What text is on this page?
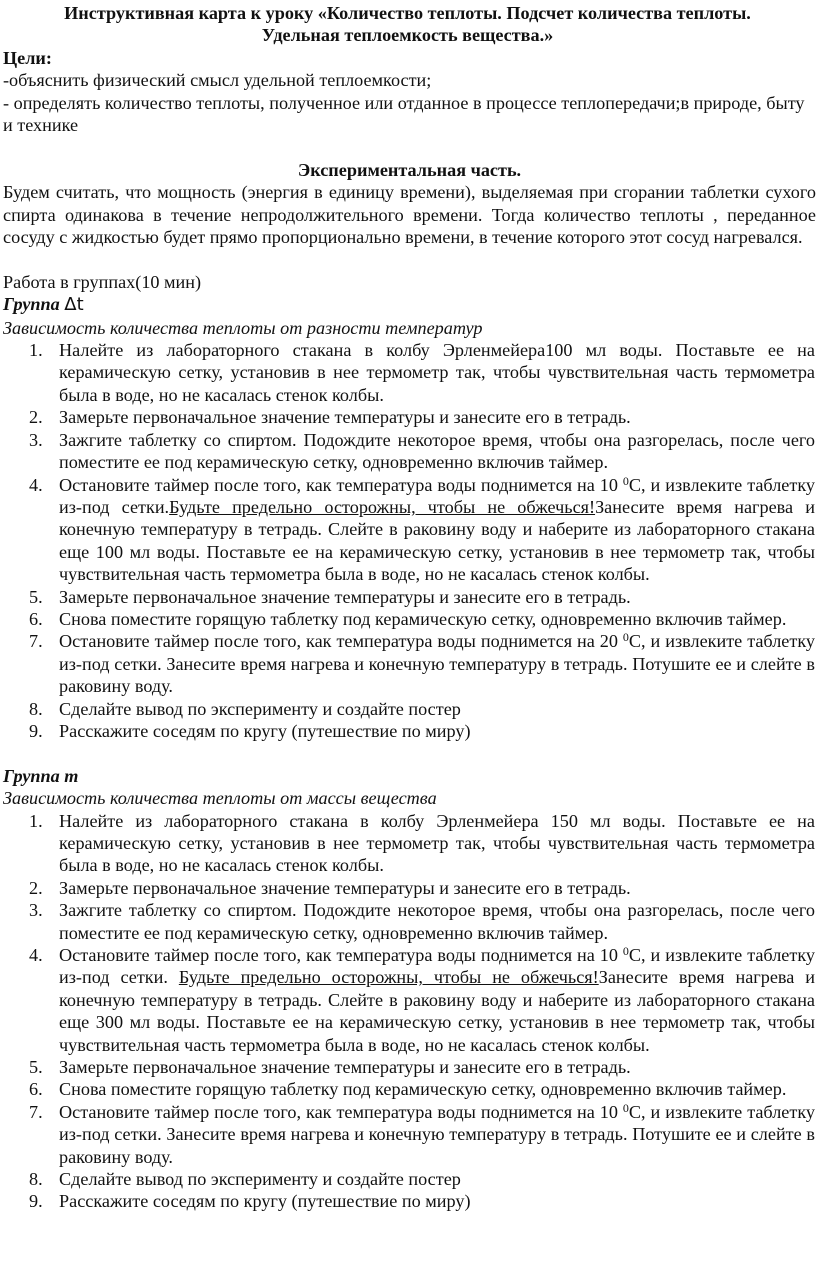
Инструктивная карта к уроку «Количество теплоты. Подсчет количества теплоты.
Удельная теплоемкость вещества.»

Цели:

-объяснить физический смысл удельной теплоемкости;

- определять количество теплоты, полученное или отданное в процессе теплопередачи;в природе, быту и технике

Экспериментальная часть.

Будем считать, что мощность (энергия в единицу времени), выделяемая при сгорании таблетки сухого спирта одинакова в течение непродолжительного времени. Тогда количество теплоты , переданное сосуду с жидкостью будет прямо пропорционально времени, в течение которого этот сосуд нагревался.

Работа в группах(10 мин)

Группа Δt

Зависимость количества теплоты от разности температур

1. Налейте из лабораторного стакана в колбу Эрленмейера100 мл воды. Поставьте ее на керамическую сетку, установив в нее термометр так, чтобы чувствительная часть термометра была в воде, но не касалась стенок колбы.
2. Замерьте первоначальное значение температуры и занесите его в тетрадь.
3. Зажгите таблетку со спиртом. Подождите некоторое время, чтобы она разгорелась, после чего поместите ее под керамическую сетку, одновременно включив таймер.
4. Остановите таймер после того, как температура воды поднимется на 10 $^0$С, и извлеките таблетку из-под сетки.Будьте предельно осторожны, чтобы не обжечься!Занесите время нагрева и конечную температуру в тетрадь. Слейте в раковину воду и наберите из лабораторного стакана еще 100 мл воды. Поставьте ее на керамическую сетку, установив в нее термометр так, чтобы чувствительная часть термометра была в воде, но не касалась стенок колбы.
5. Замерьте первоначальное значение температуры и занесите его в тетрадь.
6. Снова поместите горящую таблетку под керамическую сетку, одновременно включив таймер.
7. Остановите таймер после того, как температура воды поднимется на 20 $^0$С, и извлеките таблетку из-под сетки. Занесите время нагрева и конечную температуру в тетрадь. Потушите ее и слейте в раковину воду.
8. Сделайте вывод по эксперименту и создайте постер
9. Расскажите соседям по кругу (путешествие по миру)

Группа m

Зависимость количества теплоты от массы вещества

1. Налейте из лабораторного стакана в колбу Эрленмейера 150 мл воды. Поставьте ее на керамическую сетку, установив в нее термометр так, чтобы чувствительная часть термометра была в воде, но не касалась стенок колбы.
2. Замерьте первоначальное значение температуры и занесите его в тетрадь.
3. Зажгите таблетку со спиртом. Подождите некоторое время, чтобы она разгорелась, после чего поместите ее под керамическую сетку, одновременно включив таймер.
4. Остановите таймер после того, как температура воды поднимется на 10 $^0$С, и извлеките таблетку из-под сетки. Будьте предельно осторожны, чтобы не обжечься!Занесите время нагрева и конечную температуру в тетрадь. Слейте в раковину воду и наберите из лабораторного стакана еще 300 мл воды. Поставьте ее на керамическую сетку, установив в нее термометр так, чтобы чувствительная часть термометра была в воде, но не касалась стенок колбы.
5. Замерьте первоначальное значение температуры и занесите его в тетрадь.
6. Снова поместите горящую таблетку под керамическую сетку, одновременно включив таймер.
7. Остановите таймер после того, как температура воды поднимется на 10 $^0$С, и извлеките таблетку из-под сетки. Занесите время нагрева и конечную температуру в тетрадь. Потушите ее и слейте в раковину воду.
8. Сделайте вывод по эксперименту и создайте постер
9. Расскажите соседям по кругу (путешествие по миру)
